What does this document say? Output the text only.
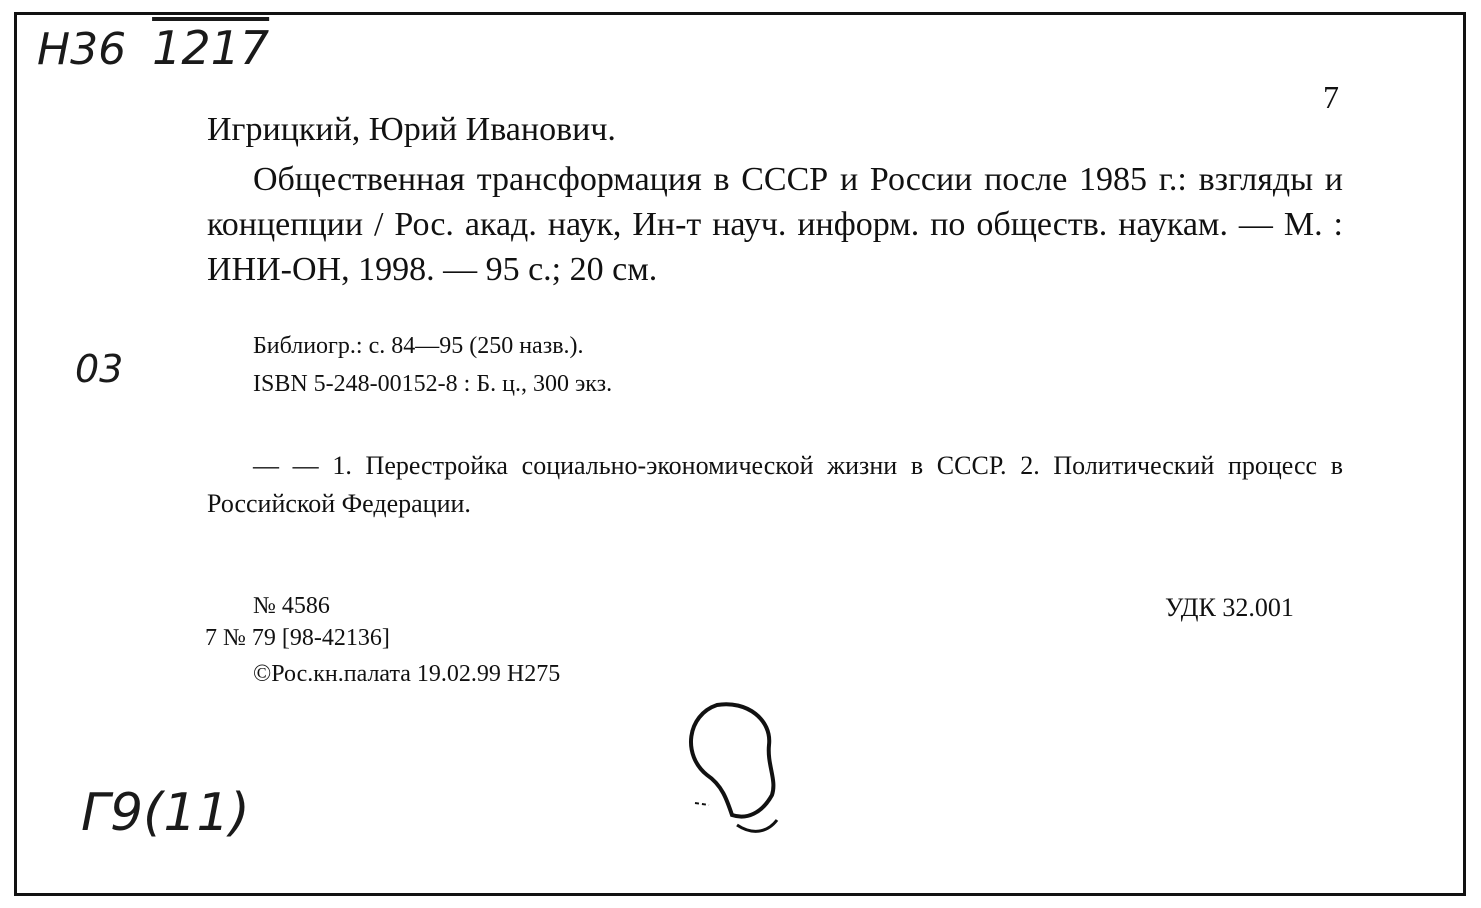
Н36 1217
7
Игрицкий, Юрий Иванович.
Общественная трансформация в СССР и России после 1985 г.: взгляды и концепции / Рос. акад. наук, Ин-т науч. информ. по обществ. наукам. — М. : ИНИ-ОН, 1998. — 95 с.; 20 см.
03
Библиогр.: с. 84—95 (250 назв.).
ISBN 5-248-00152-8 : Б. ц., 300 экз.
— — 1. Перестройка социально-экономической жизни в СССР. 2. Политический процесс в Российской Федерации.
№ 4586	УДК 32.001
7 № 79 [98-42136]
©Рос.кн.палата 19.02.99 Н275
Г9(11)
